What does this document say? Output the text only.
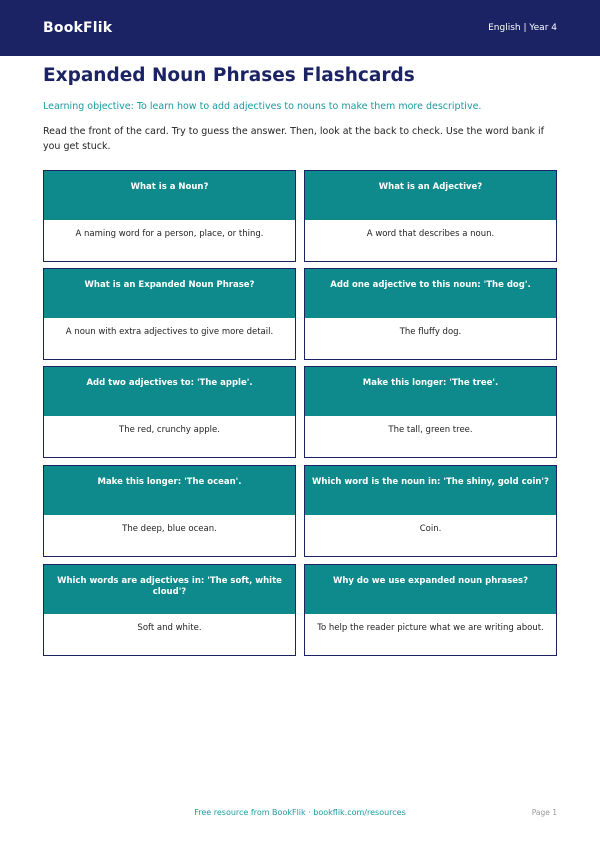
BookFlik	English | Year 4
Expanded Noun Phrases Flashcards

Learning objective: To learn how to add adjectives to nouns to make them more descriptive.

Read the front of the card. Try to guess the answer. Then, look at the back to check. Use the word bank if you get stuck.

What is a Noun?
A naming word for a person, place, or thing.
What is an Adjective?
A word that describes a noun.
What is an Expanded Noun Phrase?
A noun with extra adjectives to give more detail.
Add one adjective to this noun: 'The dog'.
The fluffy dog.
Add two adjectives to: 'The apple'.
The red, crunchy apple.
Make this longer: 'The tree'.
The tall, green tree.
Make this longer: 'The ocean'.
The deep, blue ocean.
Which word is the noun in: 'The shiny, gold coin'?
Coin.
Which words are adjectives in: 'The soft, white cloud'?
Soft and white.
Why do we use expanded noun phrases?
To help the reader picture what we are writing about.
Free resource from BookFlik · bookflik.com/resources	Page 1
